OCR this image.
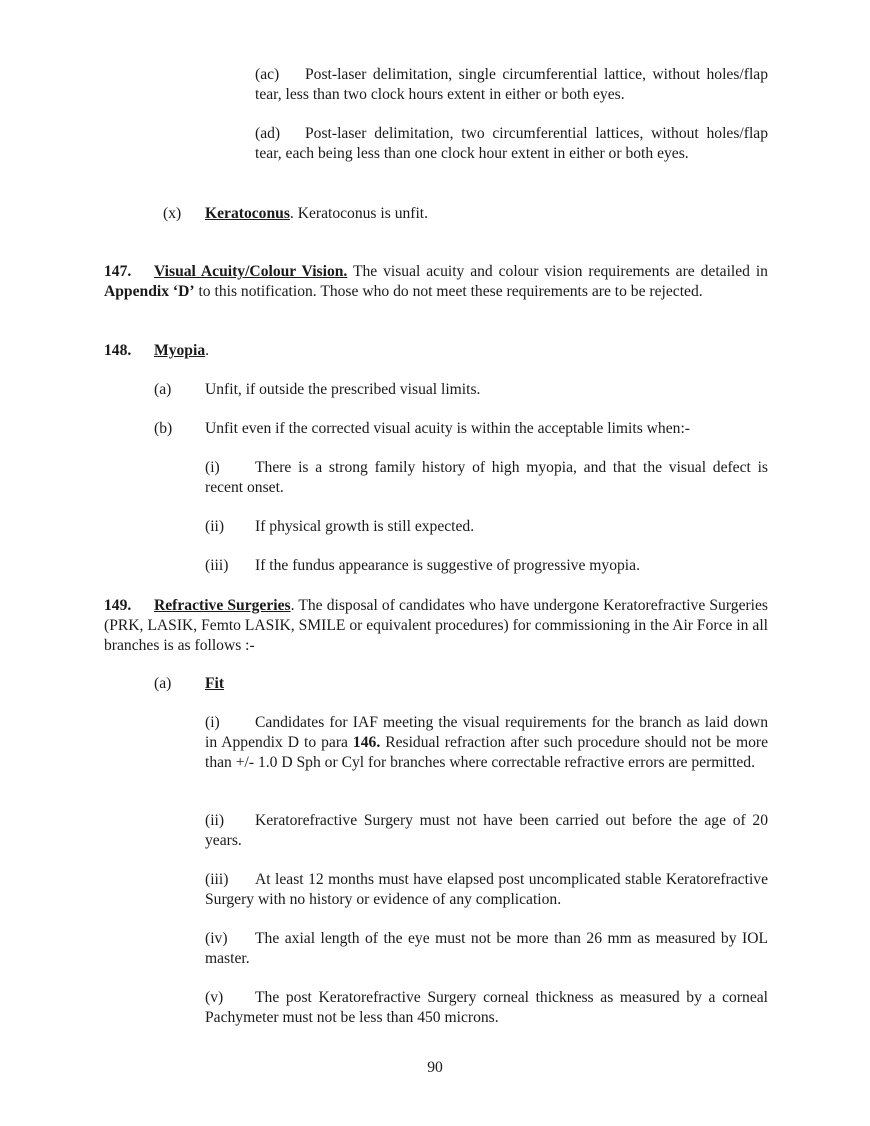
(ac) Post-laser delimitation, single circumferential lattice, without holes/flap tear, less than two clock hours extent in either or both eyes.

(ad) Post-laser delimitation, two circumferential lattices, without holes/flap tear, each being less than one clock hour extent in either or both eyes.

(x) Keratoconus. Keratoconus is unfit.

147. Visual Acuity/Colour Vision. The visual acuity and colour vision requirements are detailed in Appendix ‘D’ to this notification. Those who do not meet these requirements are to be rejected.

148. Myopia.

(a) Unfit, if outside the prescribed visual limits.

(b) Unfit even if the corrected visual acuity is within the acceptable limits when:-

(i) There is a strong family history of high myopia, and that the visual defect is recent onset.

(ii) If physical growth is still expected.

(iii) If the fundus appearance is suggestive of progressive myopia.

149. Refractive Surgeries. The disposal of candidates who have undergone Keratorefractive Surgeries (PRK, LASIK, Femto LASIK, SMILE or equivalent procedures) for commissioning in the Air Force in all branches is as follows :-

(a) Fit

(i) Candidates for IAF meeting the visual requirements for the branch as laid down in Appendix D to para 146. Residual refraction after such procedure should not be more than +/- 1.0 D Sph or Cyl for branches where correctable refractive errors are permitted.

(ii) Keratorefractive Surgery must not have been carried out before the age of 20 years.

(iii) At least 12 months must have elapsed post uncomplicated stable Keratorefractive Surgery with no history or evidence of any complication.

(iv) The axial length of the eye must not be more than 26 mm as measured by IOL master.

(v) The post Keratorefractive Surgery corneal thickness as measured by a corneal Pachymeter must not be less than 450 microns.

90
